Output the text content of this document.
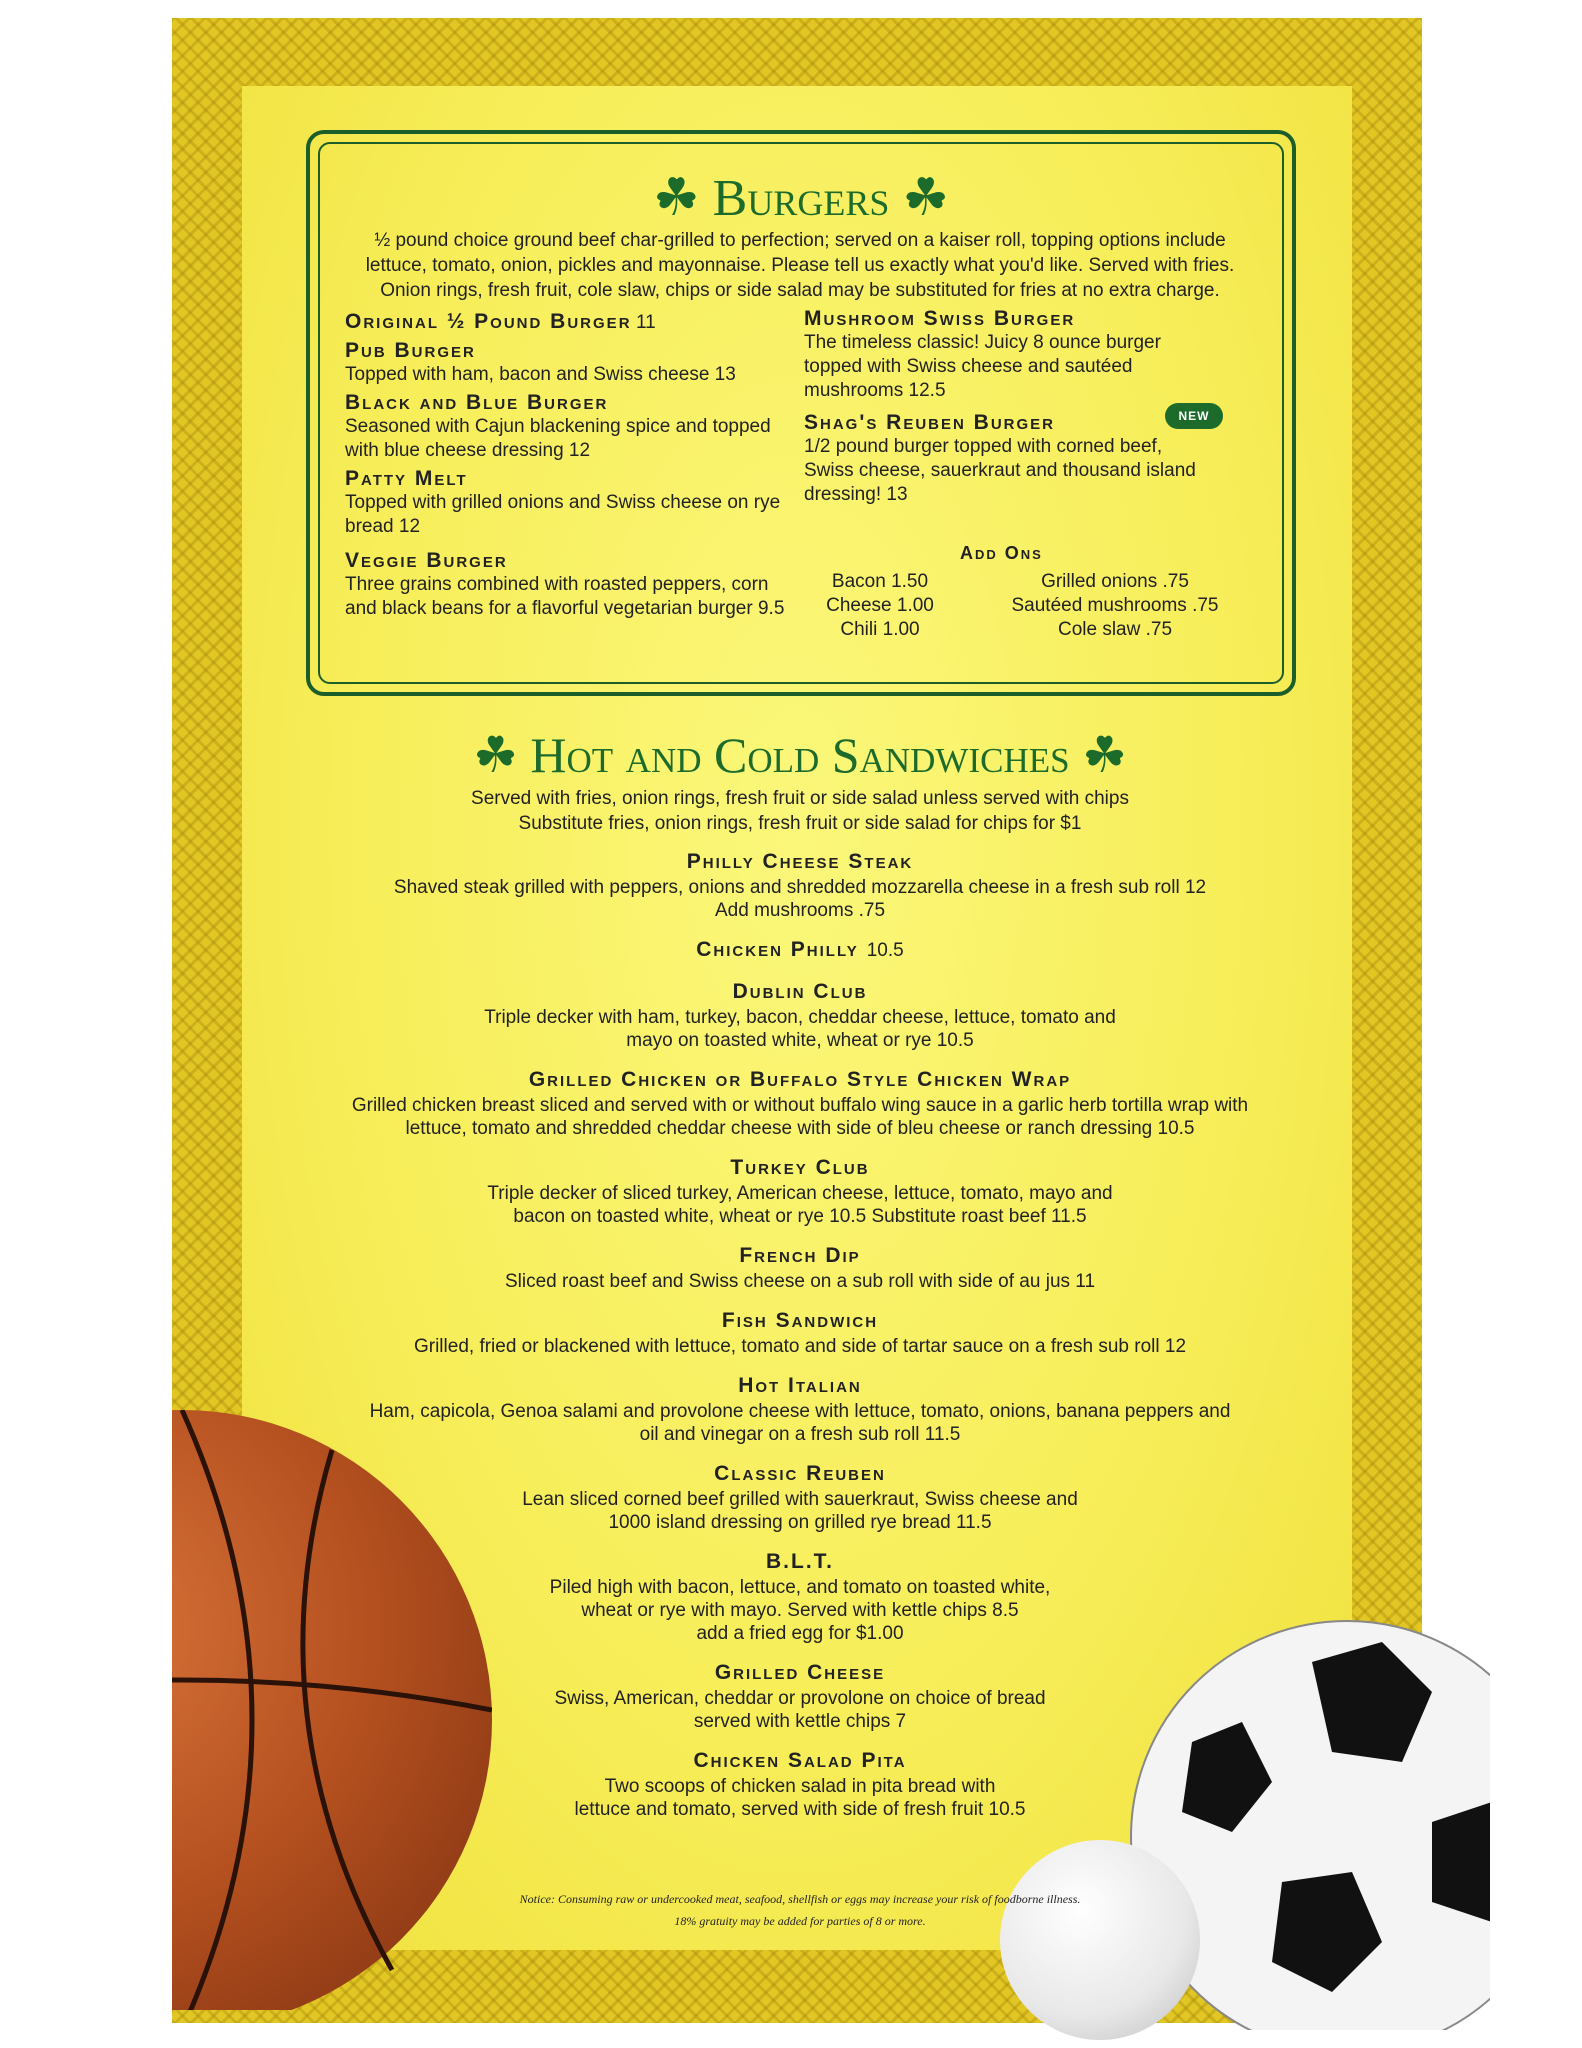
☘ Burgers ☘
½ pound choice ground beef char-grilled to perfection; served on a kaiser roll, topping options include
lettuce, tomato, onion, pickles and mayonnaise. Please tell us exactly what you'd like. Served with fries.
Onion rings, fresh fruit, cole slaw, chips or side salad may be substituted for fries at no extra charge.
Original ½ Pound Burger 11
Pub Burger
Topped with ham, bacon and Swiss cheese 13
Black and Blue Burger
Seasoned with Cajun blackening spice and topped with blue cheese dressing 12
Patty Melt
Topped with grilled onions and Swiss cheese on rye bread 12
Veggie Burger
Three grains combined with roasted peppers, corn and black beans for a flavorful vegetarian burger 9.5
Mushroom Swiss Burger
The timeless classic! Juicy 8 ounce burger topped with Swiss cheese and sautéed mushrooms 12.5
Shag's Reuben Burger
1/2 pound burger topped with corned beef, Swiss cheese, sauerkraut and thousand island dressing! 13
NEW
Add Ons
Bacon 1.50
Cheese 1.00
Chili 1.00
Grilled onions .75
Sautéed mushrooms .75
Cole slaw .75
☘ Hot and Cold Sandwiches ☘
Served with fries, onion rings, fresh fruit or side salad unless served with chips
Substitute fries, onion rings, fresh fruit or side salad for chips for $1
Philly Cheese Steak
Shaved steak grilled with peppers, onions and shredded mozzarella cheese in a fresh sub roll 12
Add mushrooms .75
Chicken Philly 10.5
Dublin Club
Triple decker with ham, turkey, bacon, cheddar cheese, lettuce, tomato and
mayo on toasted white, wheat or rye 10.5
Grilled Chicken or Buffalo Style Chicken Wrap
Grilled chicken breast sliced and served with or without buffalo wing sauce in a garlic herb tortilla wrap with
lettuce, tomato and shredded cheddar cheese with side of bleu cheese or ranch dressing 10.5
Turkey Club
Triple decker of sliced turkey, American cheese, lettuce, tomato, mayo and
bacon on toasted white, wheat or rye 10.5 Substitute roast beef 11.5
French Dip
Sliced roast beef and Swiss cheese on a sub roll with side of au jus 11
Fish Sandwich
Grilled, fried or blackened with lettuce, tomato and side of tartar sauce on a fresh sub roll 12
Hot Italian
Ham, capicola, Genoa salami and provolone cheese with lettuce, tomato, onions, banana peppers and
oil and vinegar on a fresh sub roll 11.5
Classic Reuben
Lean sliced corned beef grilled with sauerkraut, Swiss cheese and
1000 island dressing on grilled rye bread 11.5
B.L.T.
Piled high with bacon, lettuce, and tomato on toasted white,
wheat or rye with mayo. Served with kettle chips 8.5
add a fried egg for $1.00
Grilled Cheese
Swiss, American, cheddar or provolone on choice of bread
served with kettle chips 7
Chicken Salad Pita
Two scoops of chicken salad in pita bread with
lettuce and tomato, served with side of fresh fruit 10.5
Notice: Consuming raw or undercooked meat, seafood, shellfish or eggs may increase your risk of foodborne illness.
18% gratuity may be added for parties of 8 or more.
